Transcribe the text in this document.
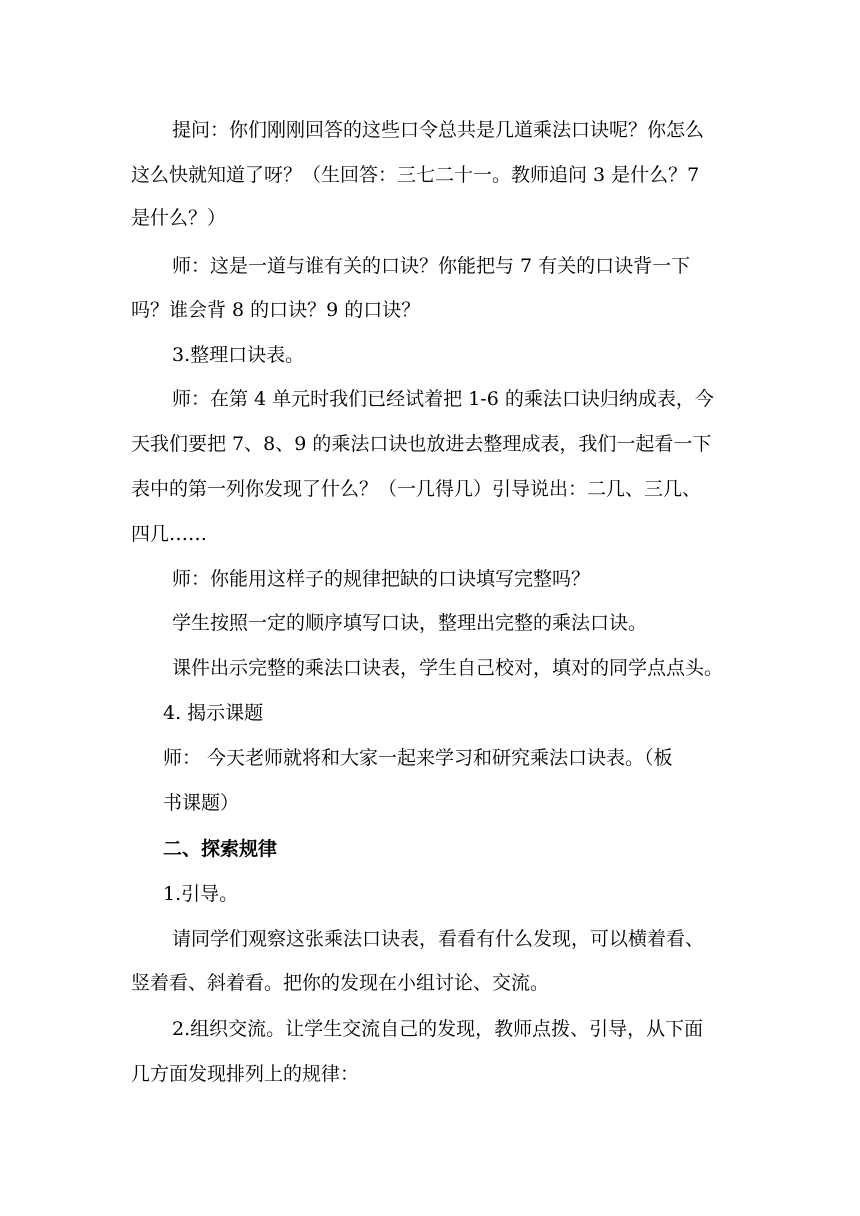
提问：你们刚刚回答的这些口令总共是几道乘法口诀呢？你怎么
这么快就知道了呀？（生回答：三七二十一。教师追问 3 是什么？7
是什么？）
师：这是一道与谁有关的口诀？你能把与 7 有关的口诀背一下
吗？谁会背 8 的口诀？9 的口诀？
3.整理口诀表。
师：在第 4 单元时我们已经试着把 1-6 的乘法口诀归纳成表，今
天我们要把 7、8、9 的乘法口诀也放进去整理成表，我们一起看一下
表中的第一列你发现了什么？（一几得几）引导说出：二几、三几、
四几……
师：你能用这样子的规律把缺的口诀填写完整吗？
学生按照一定的顺序填写口诀，整理出完整的乘法口诀。
课件出示完整的乘法口诀表，学生自己校对，填对的同学点点头。
4. 揭示课题
师： 今天老师就将和大家一起来学习和研究乘法口诀表。（板
书课题）
二、探索规律
1.引导。
请同学们观察这张乘法口诀表，看看有什么发现，可以横着看、
竖着看、斜着看。把你的发现在小组讨论、交流。
2.组织交流。让学生交流自己的发现，教师点拨、引导，从下面
几方面发现排列上的规律：
